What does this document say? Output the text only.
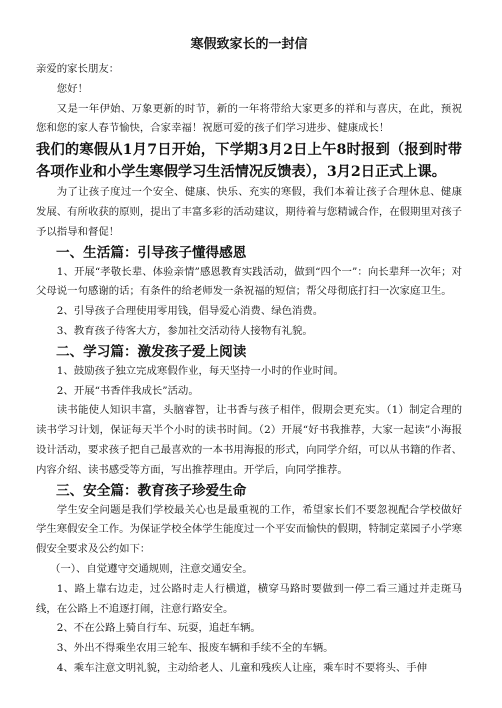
寒假致家长的一封信

亲爱的家长朋友：

您好！

又是一年伊始、万象更新的时节，新的一年将带给大家更多的祥和与喜庆，在此，预祝您和您的家人春节愉快，合家幸福！祝愿可爱的孩子们学习进步、健康成长！

我们的寒假从1月7日开始，下学期3月2日上午8时报到（报到时带各项作业和小学生寒假学习生活情况反馈表），3月2日正式上课。

为了让孩子度过一个安全、健康、快乐、充实的寒假，我们本着让孩子合理休息、健康发展、有所收获的原则，提出了丰富多彩的活动建议，期待着与您精诚合作，在假期里对孩子予以指导和督促！

一、生活篇：引导孩子懂得感恩

1、开展“孝敬长辈、体验亲情”感恩教育实践活动，做到“四个一”：向长辈拜一次年；对父母说一句感谢的话；有条件的给老师发一条祝福的短信；帮父母彻底打扫一次家庭卫生。

2、引导孩子合理使用零用钱，倡导爱心消费、绿色消费。

3、教育孩子待客大方，参加社交活动待人接物有礼貌。

二、学习篇：激发孩子爱上阅读

1、鼓励孩子独立完成寒假作业，每天坚持一小时的作业时间。

2、开展“书香伴我成长”活动。

读书能使人知识丰富，头脑睿智，让书香与孩子相伴，假期会更充实。（1）制定合理的读书学习计划，保证每天半个小时的读书时间。（2）开展“好书我推荐，大家一起读”小海报设计活动，要求孩子把自己最喜欢的一本书用海报的形式，向同学介绍，可以从书籍的作者、内容介绍、读书感受等方面，写出推荐理由。开学后，向同学推荐。

三、安全篇：教育孩子珍爱生命

学生安全问题是我们学校最关心也是最重视的工作，希望家长们不要忽视配合学校做好学生寒假安全工作。为保证学校全体学生能度过一个平安而愉快的假期，特制定菜园子小学寒假安全要求及公约如下：

（一）、自觉遵守交通规则，注意交通安全。

1、路上靠右边走，过公路时走人行横道，横穿马路时要做到一停二看三通过并走斑马线，在公路上不追逐打闹，注意行路安全。

2、不在公路上骑自行车、玩耍，追赶车辆。

3、外出不得乘坐农用三轮车、报废车辆和手续不全的车辆。

4、乘车注意文明礼貌，主动给老人、儿童和残疾人让座，乘车时不要将头、手伸
